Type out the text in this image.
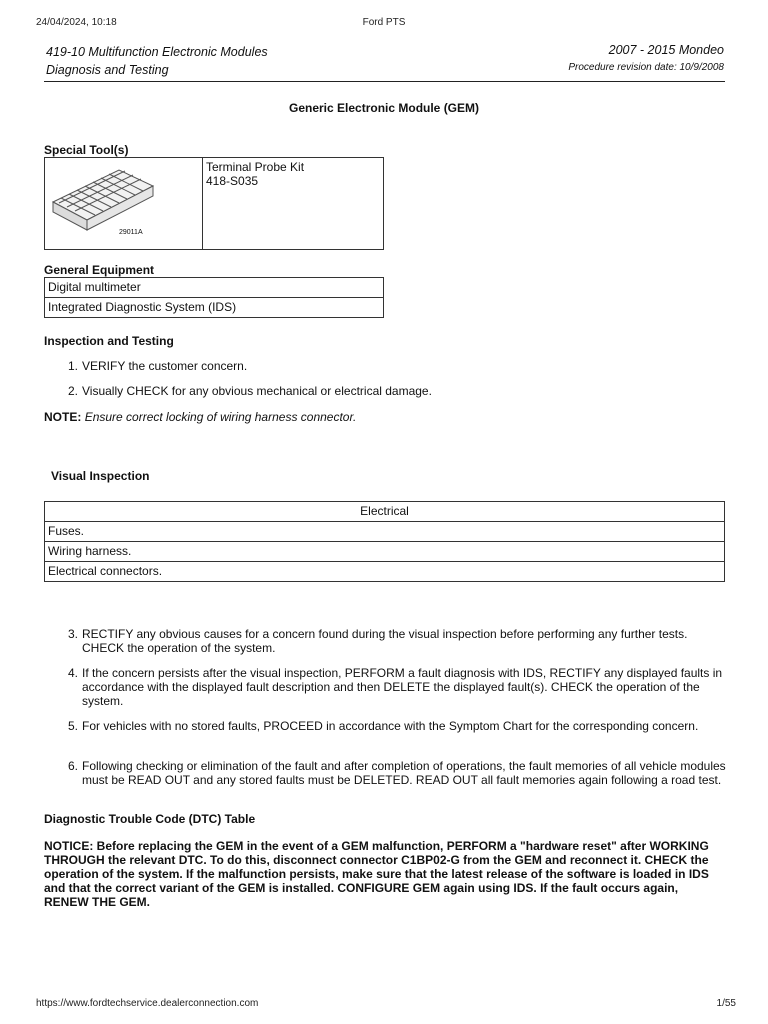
24/04/2024, 10:18	Ford PTS
419-10 Multifunction Electronic Modules
Diagnosis and Testing
2007 - 2015 Mondeo
Procedure revision date: 10/9/2008
Generic Electronic Module (GEM)
Special Tool(s)
29011A

Terminal Probe Kit
418-S035
General Equipment
Digital multimeter
Integrated Diagnostic System (IDS)
Inspection and Testing
1. VERIFY the customer concern.
2. Visually CHECK for any obvious mechanical or electrical damage.
NOTE: Ensure correct locking of wiring harness connector.
Visual Inspection
Electrical
Fuses.
Wiring harness.
Electrical connectors.
3. RECTIFY any obvious causes for a concern found during the visual inspection before performing any further tests. CHECK the operation of the system.
4. If the concern persists after the visual inspection, PERFORM a fault diagnosis with IDS, RECTIFY any displayed faults in accordance with the displayed fault description and then DELETE the displayed fault(s). CHECK the operation of the system.
5. For vehicles with no stored faults, PROCEED in accordance with the Symptom Chart for the corresponding concern.
6. Following checking or elimination of the fault and after completion of operations, the fault memories of all vehicle modules must be READ OUT and any stored faults must be DELETED. READ OUT all fault memories again following a road test.
Diagnostic Trouble Code (DTC) Table
NOTICE: Before replacing the GEM in the event of a GEM malfunction, PERFORM a "hardware reset" after WORKING THROUGH the relevant DTC. To do this, disconnect connector C1BP02-G from the GEM and reconnect it. CHECK the operation of the system. If the malfunction persists, make sure that the latest release of the software is loaded in IDS and that the correct variant of the GEM is installed. CONFIGURE GEM again using IDS. If the fault occurs again, RENEW THE GEM.
https://www.fordtechservice.dealerconnection.com	1/55
